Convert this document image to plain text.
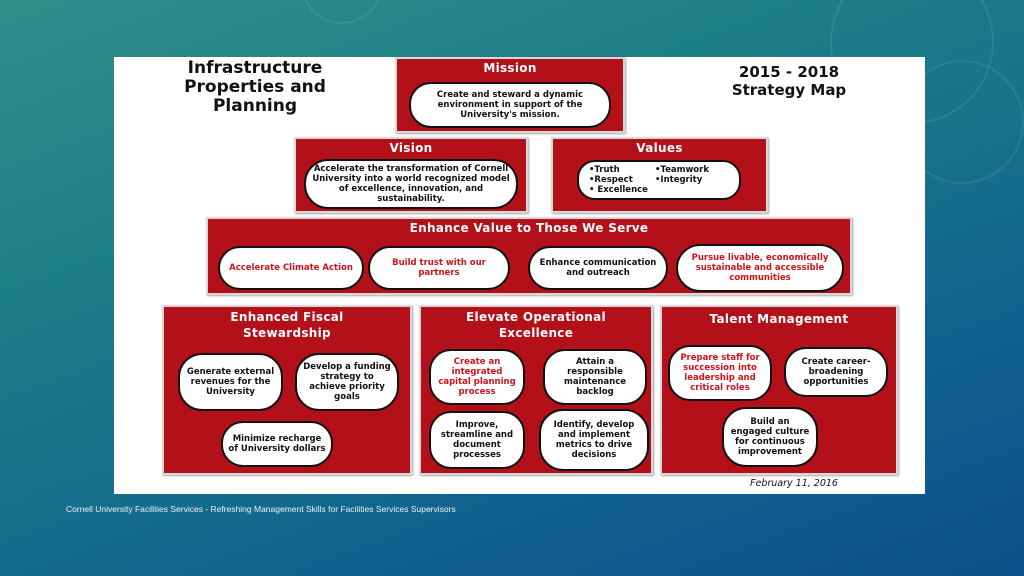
Infrastructure
Properties and
Planning
2015 - 2018
Strategy Map
Mission
Create and steward a dynamic environment in support of the University's mission.
Vision
Accelerate the transformation of Cornell University into a world recognized model of excellence, innovation, and sustainability.
Values
•Truth	•Teamwork
•Respect	•Integrity
• Excellence
Enhance Value to Those We Serve
Accelerate Climate Action	Build trust with our partners
Enhance communication and outreach
Pursue livable, economically sustainable and accessible communities
Enhanced Fiscal
Stewardship
Generate external revenues for the University
Develop a funding strategy to achieve priority goals
Minimize recharge of University dollars
Elevate Operational
Excellence
Create an integrated capital planning process
Attain a responsible maintenance backlog
Improve, streamline and document processes
Identify, develop and implement metrics to drive decisions
Talent Management
Prepare staff for succession into leadership and critical roles
Create career-broadening opportunities
Build an engaged culture for continuous improvement
February 11, 2016
Cornell University Facilities Services - Refreshing Management Skills for Facilities Services Supervisors
